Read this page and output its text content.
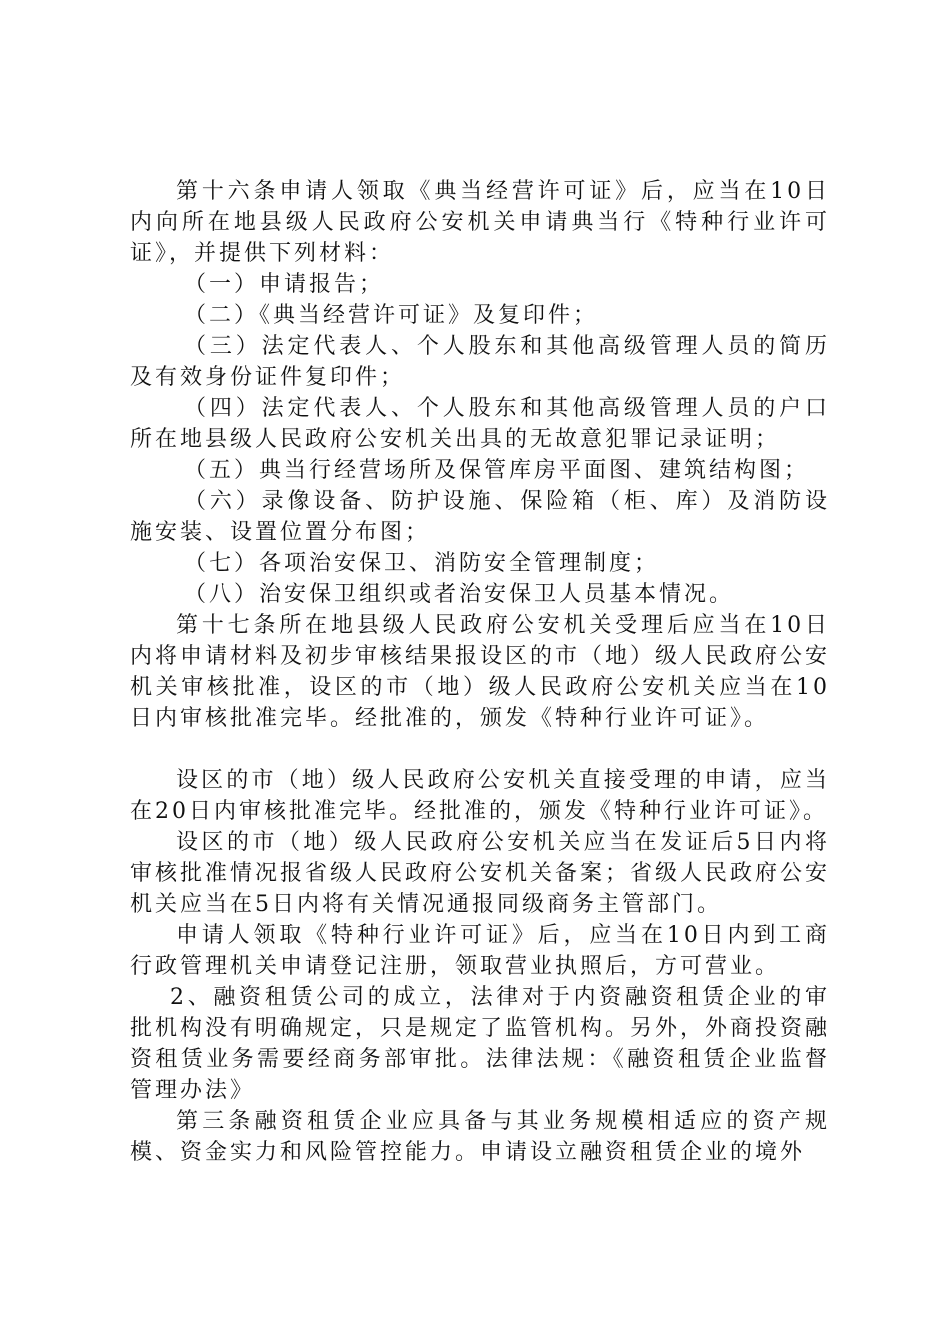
第十六条申请人领取《典当经营许可证》后，应当在10日内向所在地县级人民政府公安机关申请典当行《特种行业许可证》，并提供下列材料：

（一）申请报告；

（二）《典当经营许可证》及复印件；

（三）法定代表人、个人股东和其他高级管理人员的简历及有效身份证件复印件；

（四）法定代表人、个人股东和其他高级管理人员的户口所在地县级人民政府公安机关出具的无故意犯罪记录证明；

（五）典当行经营场所及保管库房平面图、建筑结构图；

（六）录像设备、防护设施、保险箱（柜、库）及消防设施安装、设置位置分布图；

（七）各项治安保卫、消防安全管理制度；

（八）治安保卫组织或者治安保卫人员基本情况。

第十七条所在地县级人民政府公安机关受理后应当在10日内将申请材料及初步审核结果报设区的市（地）级人民政府公安机关审核批准，设区的市（地）级人民政府公安机关应当在10日内审核批准完毕。经批准的，颁发《特种行业许可证》。

设区的市（地）级人民政府公安机关直接受理的申请，应当在20日内审核批准完毕。经批准的，颁发《特种行业许可证》。

设区的市（地）级人民政府公安机关应当在发证后5日内将审核批准情况报省级人民政府公安机关备案；省级人民政府公安机关应当在5日内将有关情况通报同级商务主管部门。

申请人领取《特种行业许可证》后，应当在10日内到工商行政管理机关申请登记注册，领取营业执照后，方可营业。

2、融资租赁公司的成立，法律对于内资融资租赁企业的审批机构没有明确规定，只是规定了监管机构。另外，外商投资融资租赁业务需要经商务部审批。法律法规：《融资租赁企业监督管理办法》

第三条融资租赁企业应具备与其业务规模相适应的资产规模、资金实力和风险管控能力。申请设立融资租赁企业的境外
